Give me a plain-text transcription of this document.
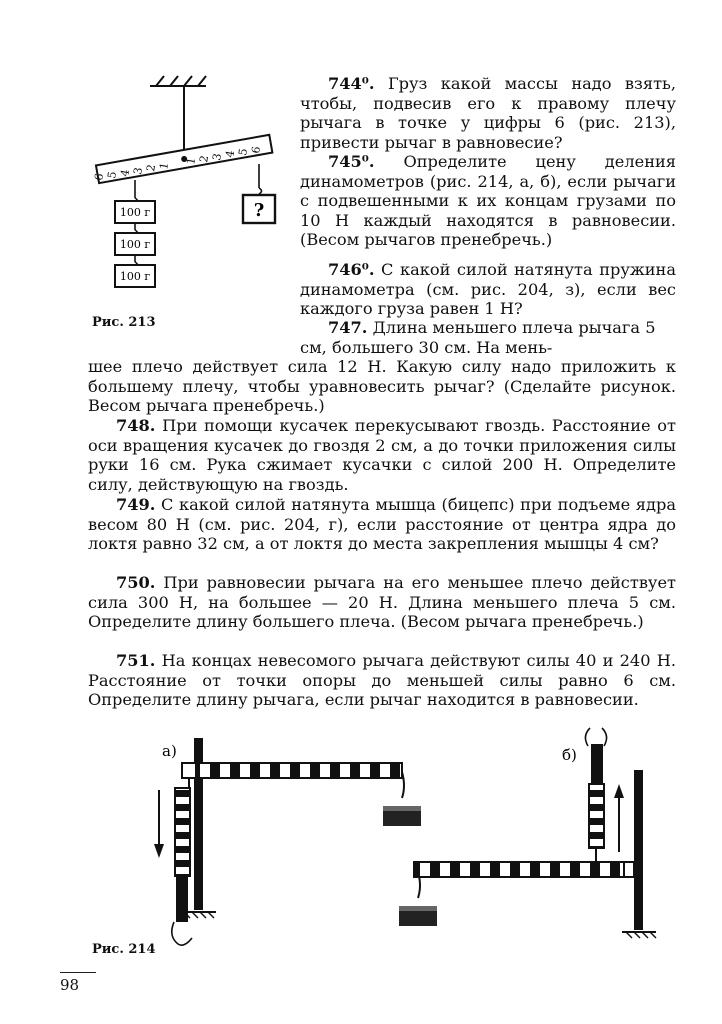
6
5
4
3
2
1
1
2
3
4
5
6
100 г
100 г
100 г
?
Рис. 213

744⁰. Груз какой массы надо взять, чтобы, подвесив его к правому плечу рычага в точке у цифры 6 (рис. 213), привести рычаг в равновесие?

745⁰. Определите цену деления динамометров (рис. 214, а, б), если рычаги с подвешенными к их концам грузами по 10 Н каждый находятся в равновесии. (Весом рычагов пренебречь.)

746⁰. С какой силой натянута пружина динамометра (см. рис. 204, з), если вес каждого груза равен 1 Н?

747. Длина меньшего плеча рычага 5 см, большего 30 см. На мень-

шее плечо действует сила 12 Н. Какую силу надо приложить к большему плечу, чтобы уравновесить рычаг? (Сделайте рисунок. Весом рычага пренебречь.)

748. При помощи кусачек перекусывают гвоздь. Расстояние от оси вращения кусачек до гвоздя 2 см, а до точки приложения силы руки 16 см. Рука сжимает кусачки с силой 200 Н. Определите силу, действующую на гвоздь.

749. С какой силой натянута мышца (бицепс) при подъеме ядра весом 80 Н (см. рис. 204, г), если расстояние от центра ядра до локтя равно 32 см, а от локтя до места закрепления мышцы 4 см?

750. При равновесии рычага на его меньшее плечо действует сила 300 Н, на большее — 20 Н. Длина меньшего плеча 5 см. Определите длину большего плеча. (Весом рычага пренебречь.)

751. На концах невесомого рычага действуют силы 40 и 240 Н. Расстояние от точки опоры до меньшей силы равно 6 см. Определите длину рычага, если рычаг находится в равновесии.

а)	б)
Рис. 214
98
